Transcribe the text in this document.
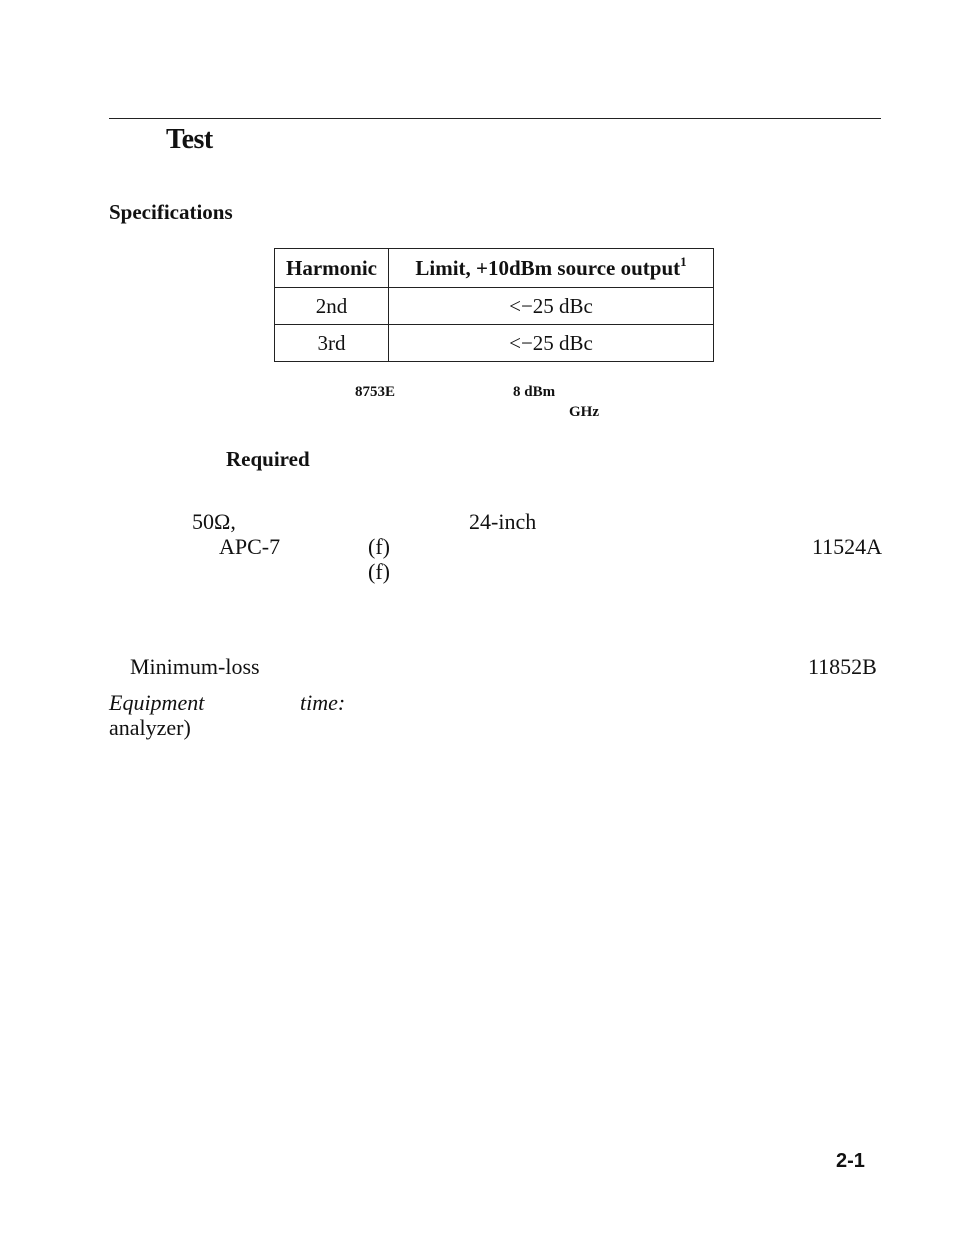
Test
Specifications
Harmonic	Limit, +10dBm source output$^1$
2nd	<−25 dBc
3rd	<−25 dBc
8753E	8 dBm
GHz
Required
50Ω,	24-inch
APC-7	(f)	11524A
(f)
Minimum-loss	11852B
Equipment	time:
analyzer)
2-1
